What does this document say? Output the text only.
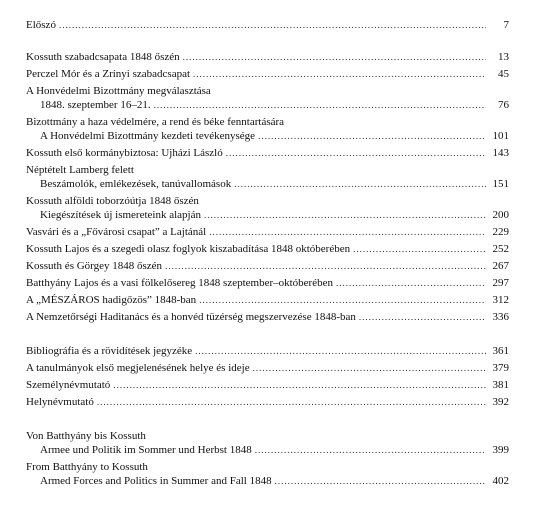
Előszó .....	7
Kossuth szabadcsapata 1848 őszén .....	13
Perczel Mór és a Zrínyi szabadcsapat .....	45
A Honvédelmi Bizottmány megválasztása
1848. szeptember 16–21. .....	76
Bizottmány a haza védelmére, a rend és béke fenntartására
A Honvédelmi Bizottmány kezdeti tevékenysége .....	101
Kossuth első kormánybiztosa: Ujházi László .....	143
Néptételt Lamberg felett
Beszámolók, emlékezések, tanúvallomások .....	151
Kossuth alföldi toborzóútja 1848 őszén
Kiegészítések új ismereteink alapján .....	200
Vasvári és a „Fővárosi csapat” a Lajtánál .....	229
Kossuth Lajos és a szegedi olasz foglyok kiszabadítása 1848 októberében .....	252
Kossuth és Görgey 1848 őszén .....	267
Batthyány Lajos és a vasi fölkelősereg 1848 szeptember–októberében .....	297
A „MÉSZÁROS hadigőzös” 1848-ban .....	312
A Nemzetőrségi Haditanács és a honvéd tüzérség megszervezése 1848-ban .....	336
Bibliográfia és a rövidítések jegyzéke .....	361
A tanulmányok első megjelenésének helye és ideje .....	379
Személynévmutató .....	381
Helynévmutató .....	392
Von Batthyány bis Kossuth
Armee und Politik im Sommer und Herbst 1848 .....	399
From Batthyány to Kossuth
Armed Forces and Politics in Summer and Fall 1848 .....	402
